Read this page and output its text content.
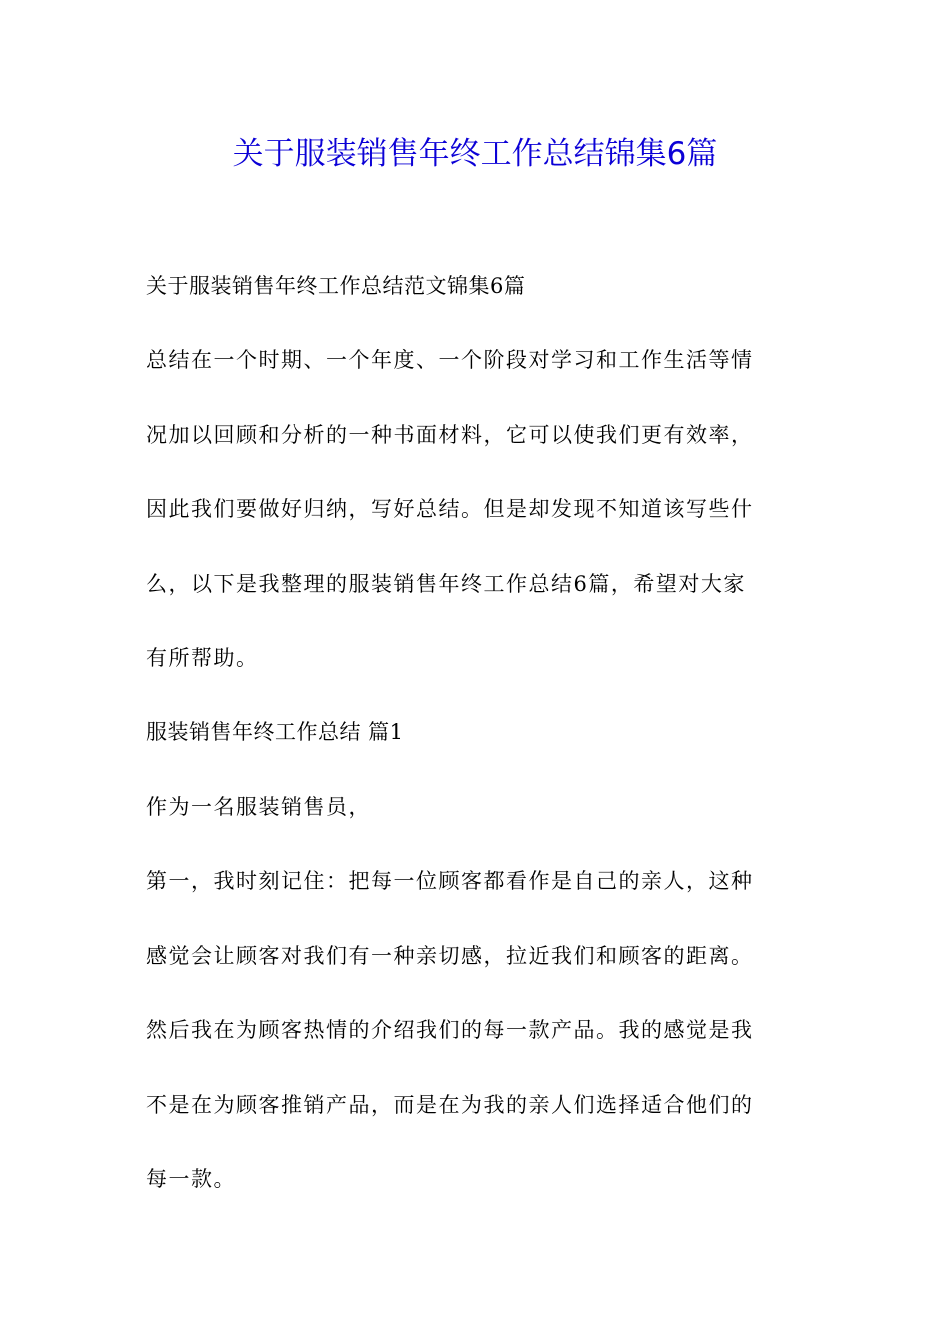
关于服装销售年终工作总结锦集6篇

关于服装销售年终工作总结范文锦集6篇

总结在一个时期、一个年度、一个阶段对学习和工作生活等情

况加以回顾和分析的一种书面材料，它可以使我们更有效率，

因此我们要做好归纳，写好总结。但是却发现不知道该写些什

么，以下是我整理的服装销售年终工作总结6篇，希望对大家

有所帮助。

服装销售年终工作总结 篇1

作为一名服装销售员，

第一，我时刻记住：把每一位顾客都看作是自己的亲人，这种

感觉会让顾客对我们有一种亲切感，拉近我们和顾客的距离。

然后我在为顾客热情的介绍我们的每一款产品。我的感觉是我

不是在为顾客推销产品，而是在为我的亲人们选择适合他们的

每一款。
